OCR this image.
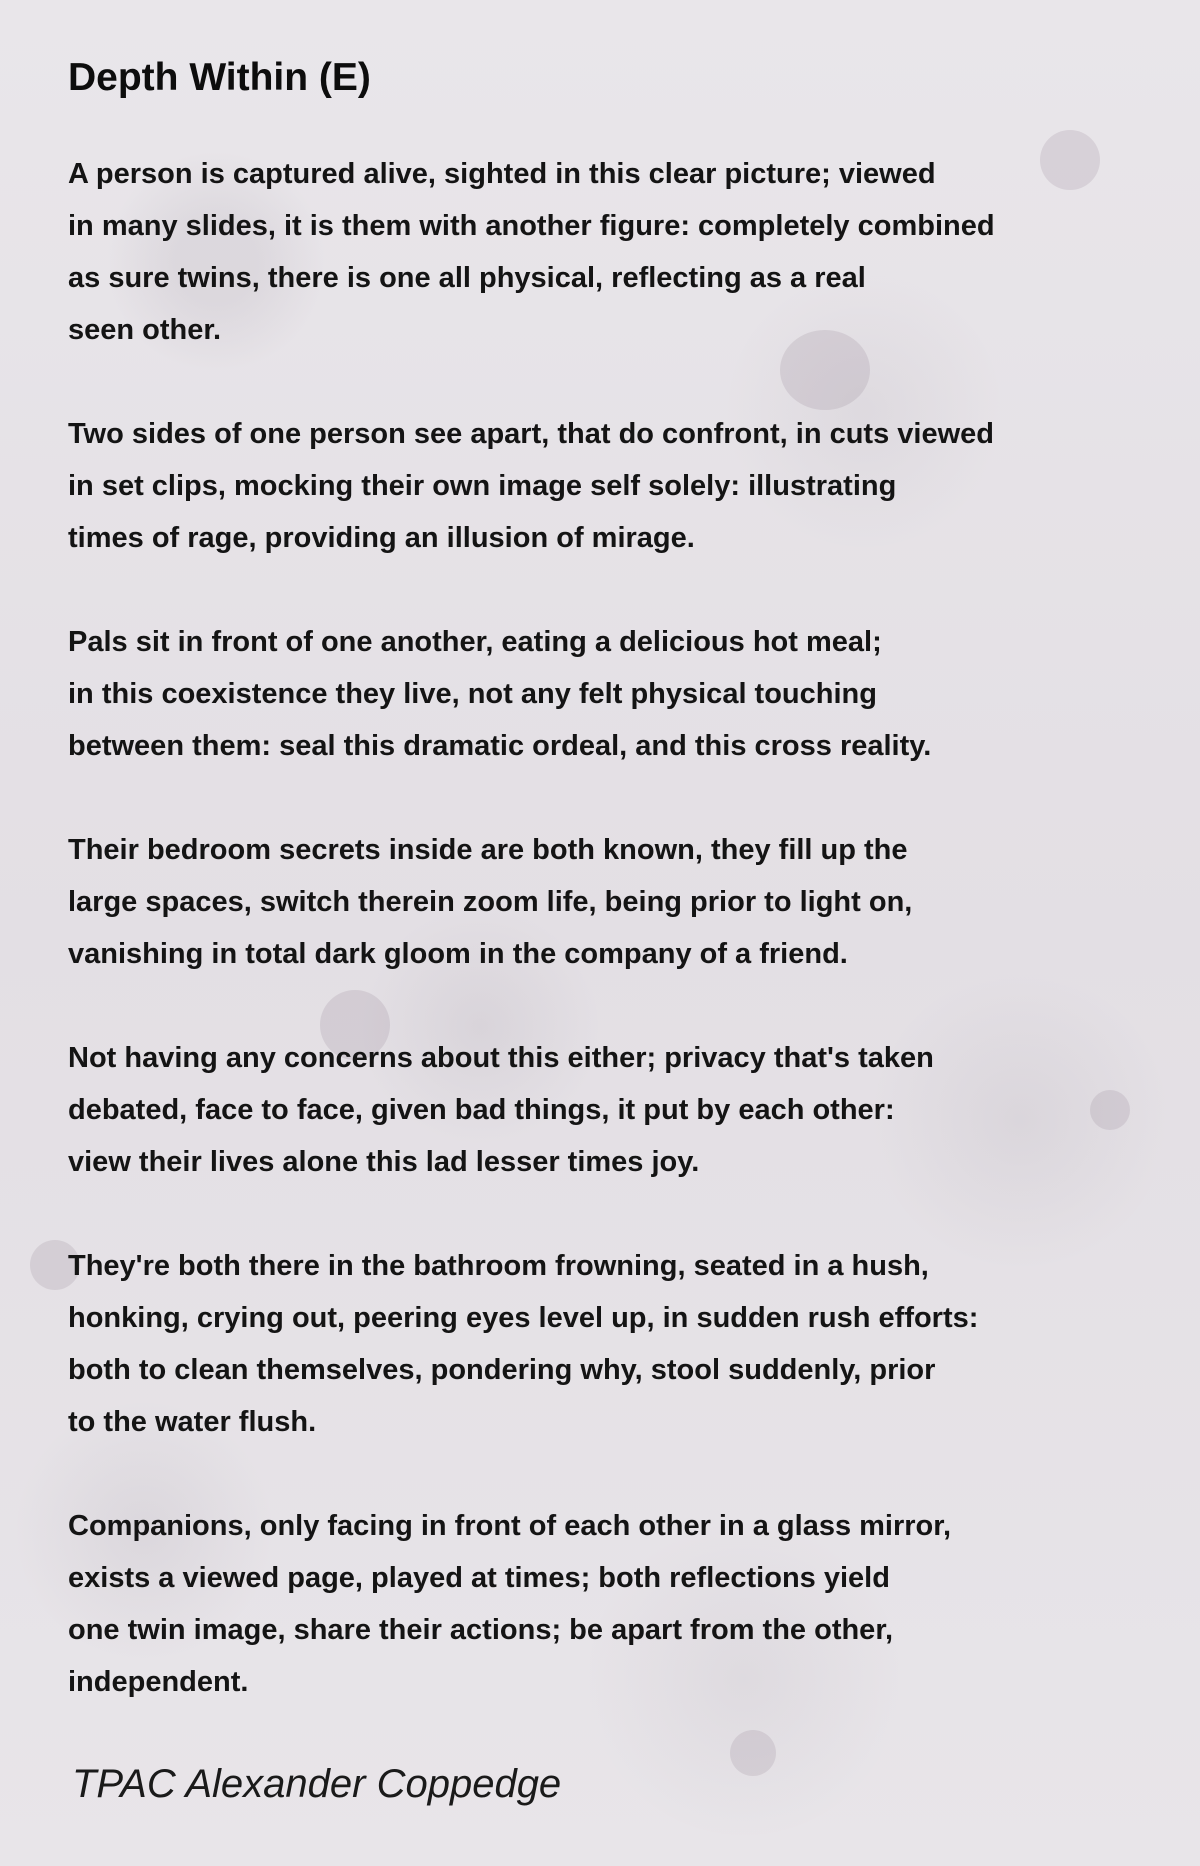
Depth Within (E)
A person is captured alive, sighted in this clear picture; viewed
in many slides, it is them with another figure: completely combined
as sure twins, there is one all physical, reflecting as a real
seen other.
Two sides of one person see apart, that do confront, in cuts viewed
in set clips, mocking their own image self solely: illustrating
times of rage, providing an illusion of mirage.
Pals sit in front of one another, eating a delicious hot meal;
in this coexistence they live, not any felt physical touching
between them: seal this dramatic ordeal, and this cross reality.
Their bedroom secrets inside are both known, they fill up the
large spaces, switch therein zoom life, being prior to light on,
vanishing in total dark gloom in the company of a friend.
Not having any concerns about this either; privacy that's taken
debated, face to face, given bad things, it put by each other:
view their lives alone this lad lesser times joy.
They're both there in the bathroom frowning, seated in a hush,
honking, crying out, peering eyes level up, in sudden rush efforts:
both to clean themselves, pondering why, stool suddenly, prior
to the water flush.
Companions, only facing in front of each other in a glass mirror,
exists a viewed page, played at times; both reflections yield
one twin image, share their actions; be apart from the other,
independent.
TPAC Alexander Coppedge
